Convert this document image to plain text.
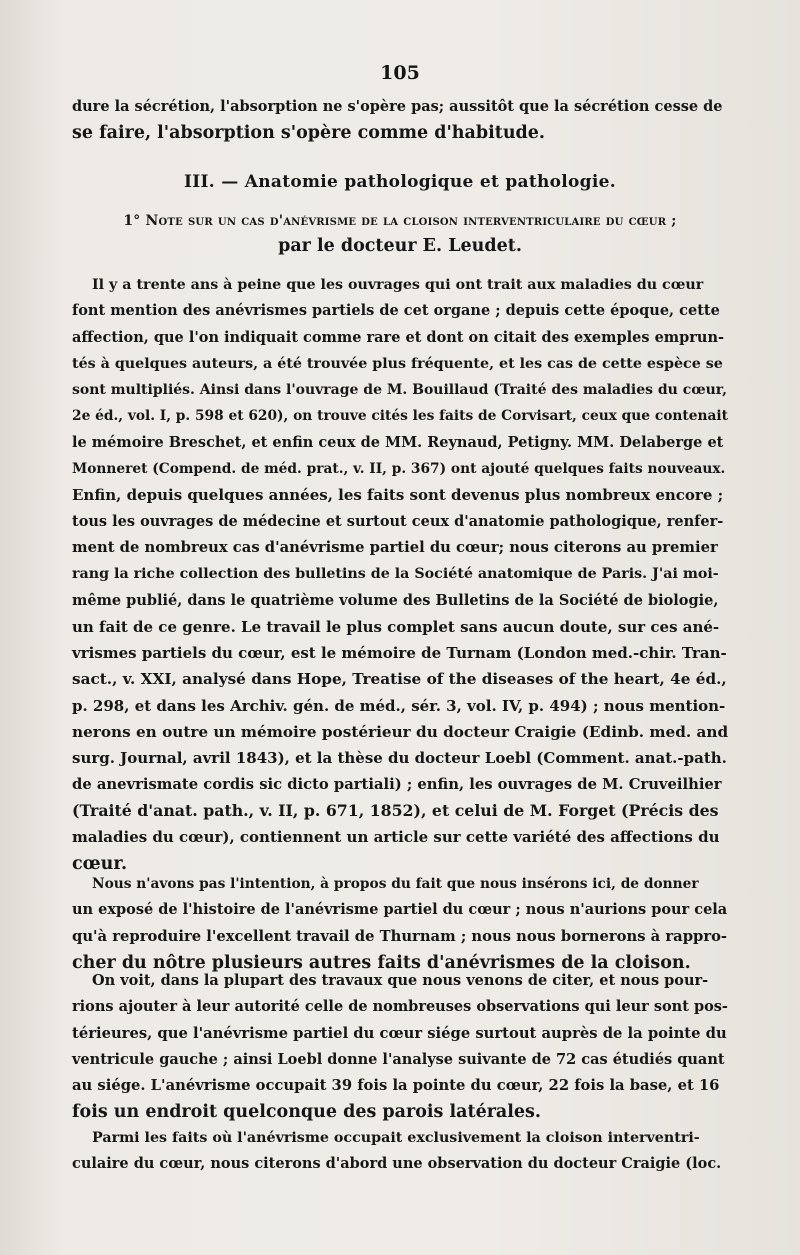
105
dure la sécrétion, l'absorption ne s'opère pas; aussitôt que la sécrétion cesse de
se faire, l'absorption s'opère comme d'habitude.
III. — Anatomie pathologique et pathologie.
1° Note sur un cas d'anévrisme de la cloison interventriculaire du cœur ;
par le docteur E. Leudet.
Il y a trente ans à peine que les ouvrages qui ont trait aux maladies du cœur
font mention des anévrismes partiels de cet organe ; depuis cette époque, cette
affection, que l'on indiquait comme rare et dont on citait des exemples emprun-
tés à quelques auteurs, a été trouvée plus fréquente, et les cas de cette espèce se
sont multipliés. Ainsi dans l'ouvrage de M. Bouillaud (Traité des maladies du cœur,
2e éd., vol. I, p. 598 et 620), on trouve cités les faits de Corvisart, ceux que contenait
le mémoire Breschet, et enfin ceux de MM. Reynaud, Petigny. MM. Delaberge et
Monneret (Compend. de méd. prat., v. II, p. 367) ont ajouté quelques faits nouveaux.
Enfin, depuis quelques années, les faits sont devenus plus nombreux encore ;
tous les ouvrages de médecine et surtout ceux d'anatomie pathologique, renfer-
ment de nombreux cas d'anévrisme partiel du cœur; nous citerons au premier
rang la riche collection des bulletins de la Société anatomique de Paris. J'ai moi-
même publié, dans le quatrième volume des Bulletins de la Société de biologie,
un fait de ce genre. Le travail le plus complet sans aucun doute, sur ces ané-
vrismes partiels du cœur, est le mémoire de Turnam (London med.-chir. Tran-
sact., v. XXI, analysé dans Hope, Treatise of the diseases of the heart, 4e éd.,
p. 298, et dans les Archiv. gén. de méd., sér. 3, vol. IV, p. 494) ; nous mention-
nerons en outre un mémoire postérieur du docteur Craigie (Edinb. med. and
surg. Journal, avril 1843), et la thèse du docteur Loebl (Comment. anat.-path.
de anevrismate cordis sic dicto partiali) ; enfin, les ouvrages de M. Cruveilhier
(Traité d'anat. path., v. II, p. 671, 1852), et celui de M. Forget (Précis des
maladies du cœur), contiennent un article sur cette variété des affections du
cœur.
Nous n'avons pas l'intention, à propos du fait que nous insérons ici, de donner
un exposé de l'histoire de l'anévrisme partiel du cœur ; nous n'aurions pour cela
qu'à reproduire l'excellent travail de Thurnam ; nous nous bornerons à rappro-
cher du nôtre plusieurs autres faits d'anévrismes de la cloison.
On voit, dans la plupart des travaux que nous venons de citer, et nous pour-
rions ajouter à leur autorité celle de nombreuses observations qui leur sont pos-
térieures, que l'anévrisme partiel du cœur siége surtout auprès de la pointe du
ventricule gauche ; ainsi Loebl donne l'analyse suivante de 72 cas étudiés quant
au siége. L'anévrisme occupait 39 fois la pointe du cœur, 22 fois la base, et 16
fois un endroit quelconque des parois latérales.
Parmi les faits où l'anévrisme occupait exclusivement la cloison interventri-
culaire du cœur, nous citerons d'abord une observation du docteur Craigie (loc.
